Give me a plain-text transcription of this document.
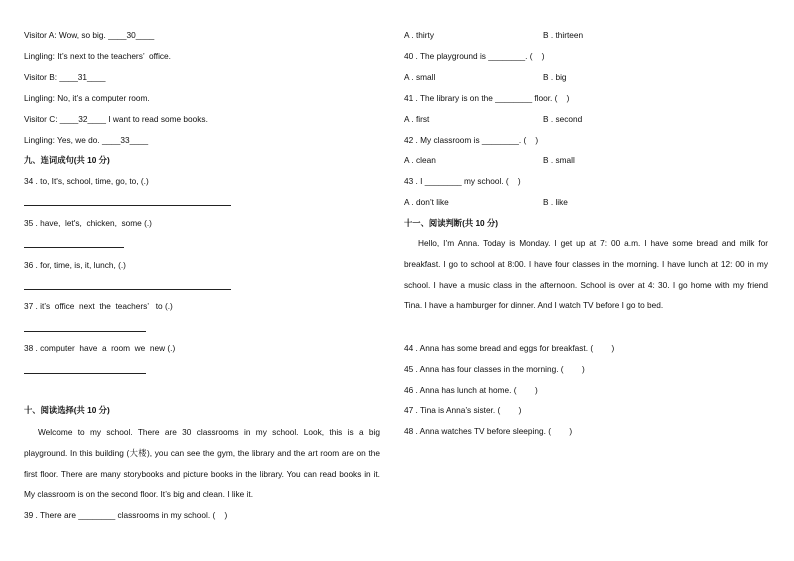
Visitor A: Wow, so big. ____30____
Lingling: It’s next to the teachers’  office.
Visitor B: ____31____
Lingling: No, it’s a computer room.
Visitor C: ____32____ I want to read some books.
Lingling: Yes, we do. ____33____
九、连词成句(共 10 分)
34 . to, It's, school, time, go, to, (.)
35 . have,  let's,  chicken,  some (.)
36 . for, time, is, it, lunch, (.)
37 . it’s  office  next  the  teachers’   to (.)
38 . computer  have  a  room  we  new (.)
十、阅读选择(共 10 分)

Welcome to my school. There are 30 classrooms in my school. Look, this is a big playground. In this building (大楼), you can see the gym, the library and the art room are on the first floor. There are many storybooks and picture books in the library. You can read books in it. My classroom is on the second floor. It’s big and clean. I like it.

39 . There are ________ classrooms in my school. (    )
A . thirty	B . thirteen
40 . The playground is ________. (    )
A . small	B . big
41 . The library is on the ________ floor. (    )
A . first	B . second
42 . My classroom is ________. (    )
A . clean	B . small
43 . I ________ my school. (    )
A . don’t like	B . like
十一、阅读判断(共 10 分)

Hello, I’m Anna. Today is Monday. I get up at 7: 00 a.m. I have some bread and milk for breakfast. I go to school at 8:00. I have four classes in the morning. I have lunch at 12: 00 in my school. I have a music class in the afternoon. School is over at 4: 30. I go home with my friend Tina. I have a hamburger for dinner. And I watch TV before I go to bed.

44 . Anna has some bread and eggs for breakfast. (        )
45 . Anna has four classes in the morning. (        )
46 . Anna has lunch at home. (        )
47 . Tina is Anna’s sister. (        )
48 . Anna watches TV before sleeping. (        )
